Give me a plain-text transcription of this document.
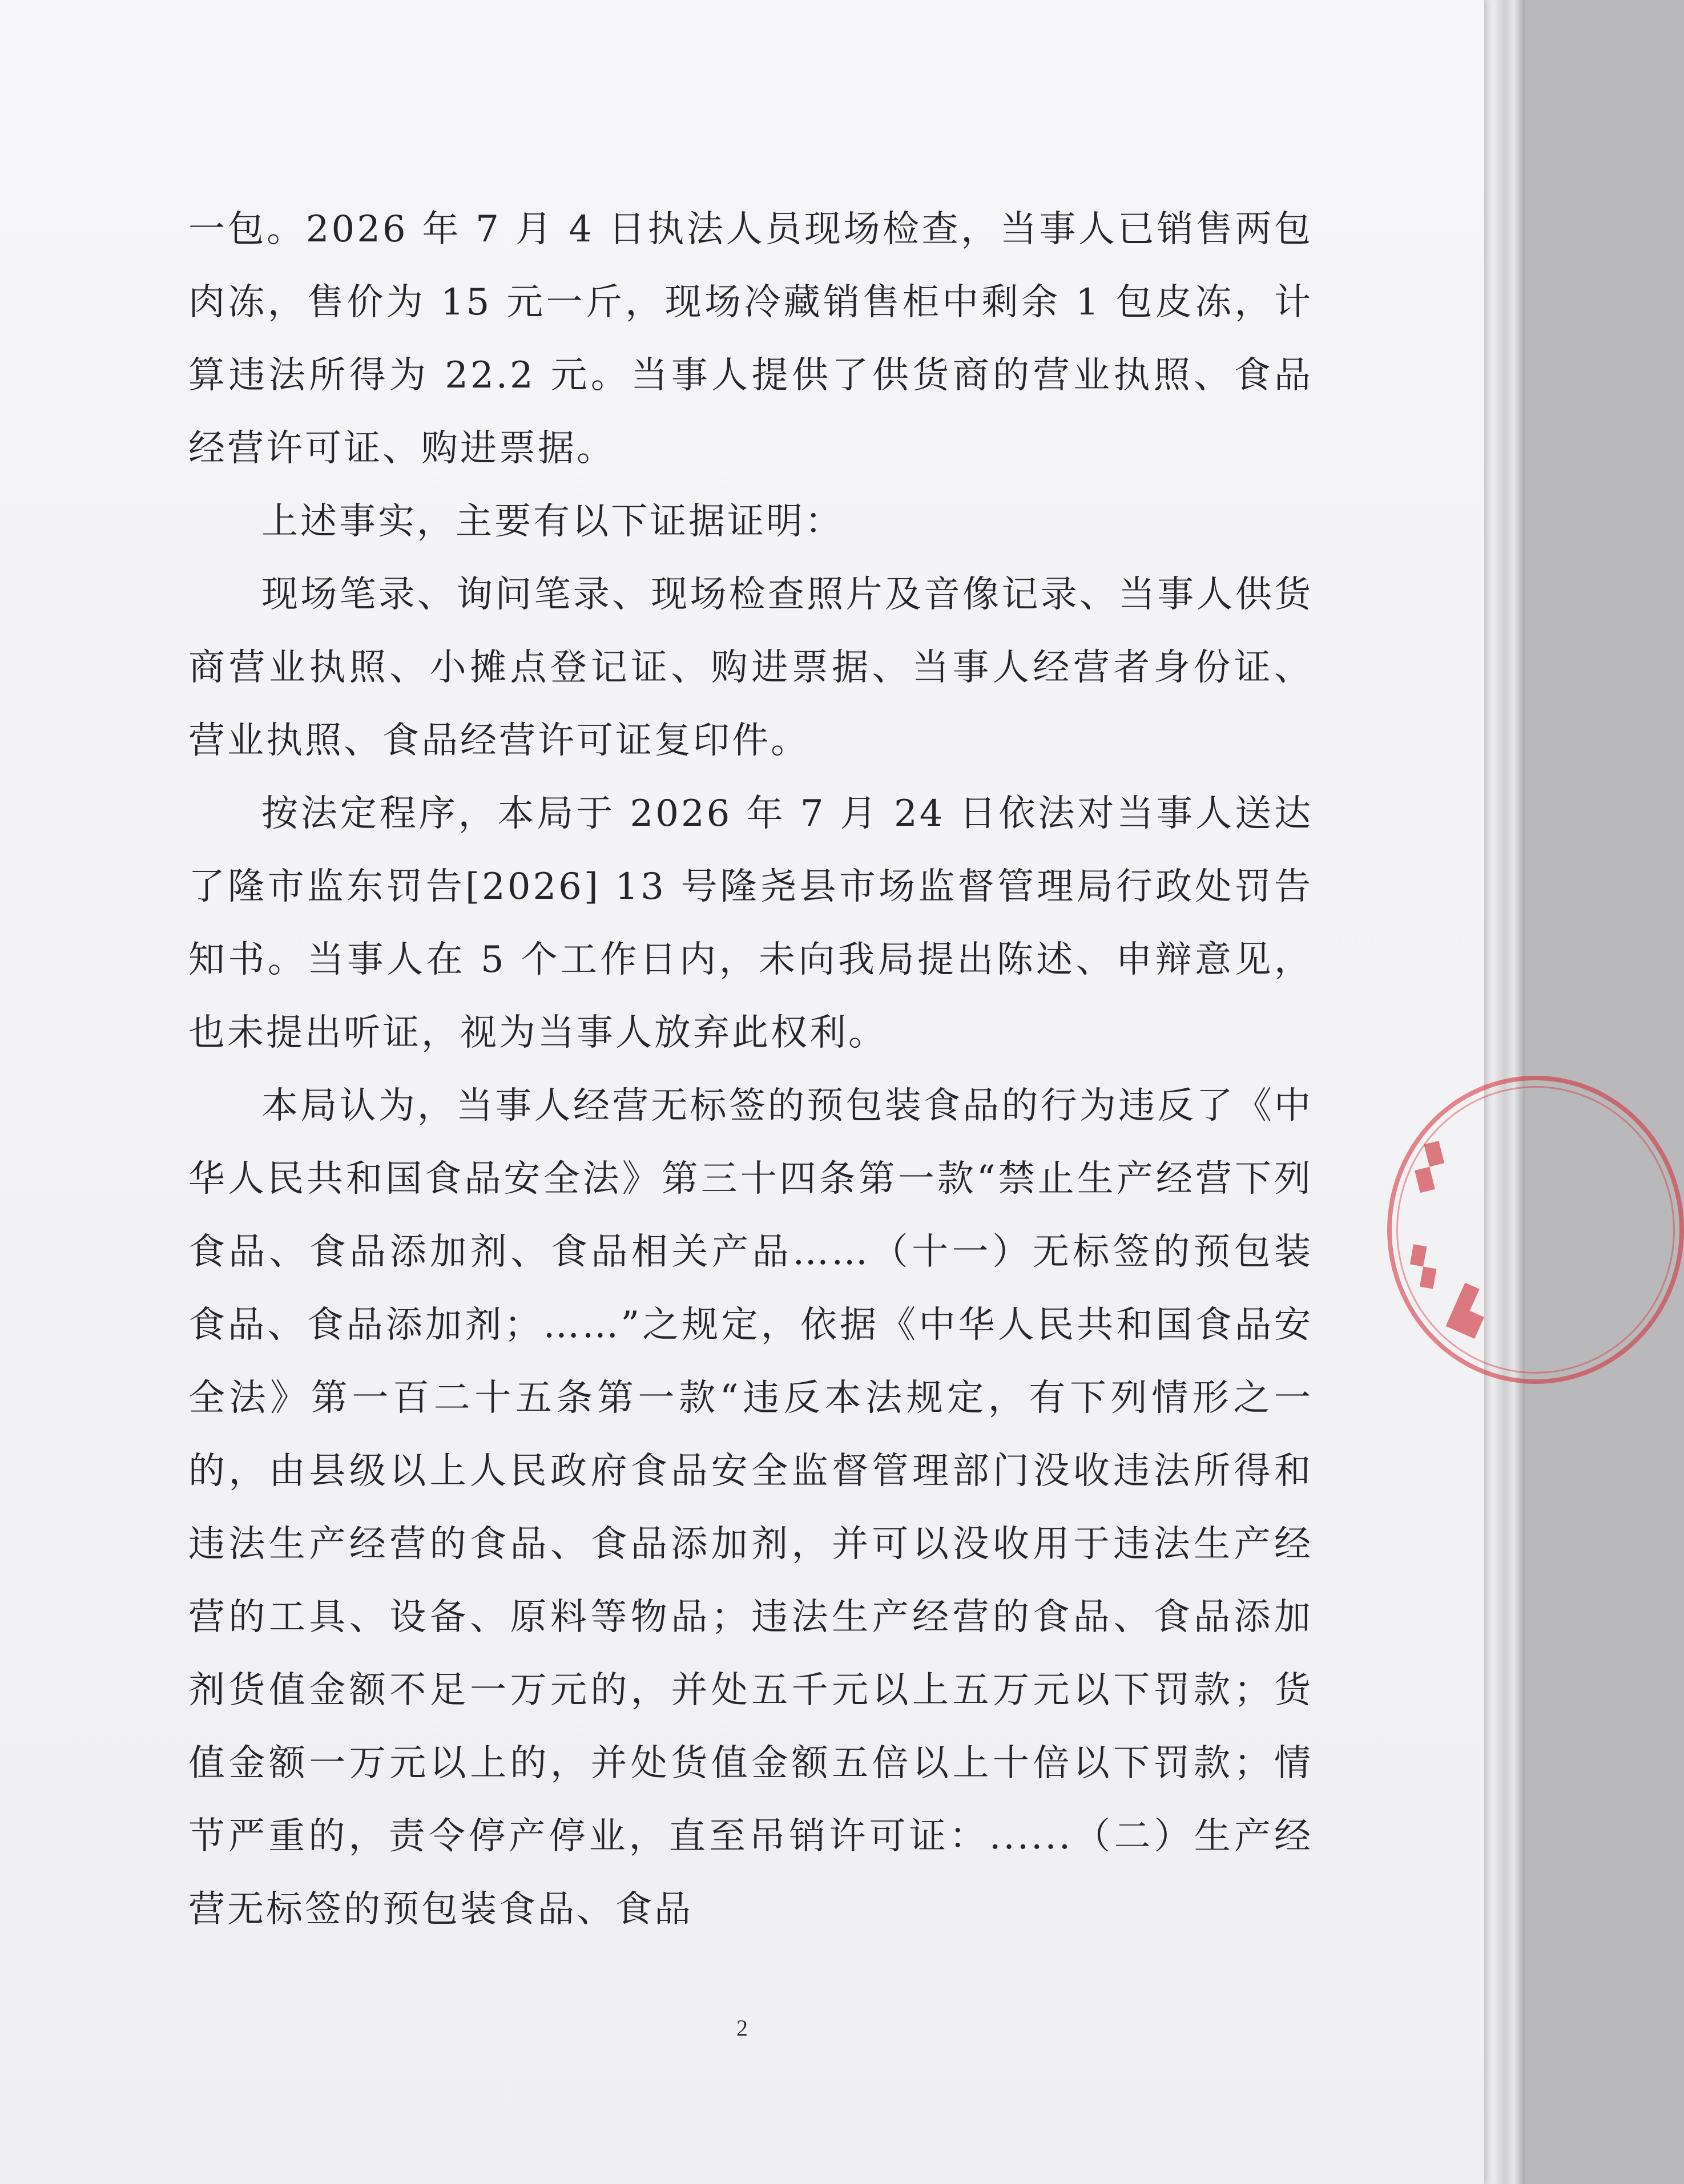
一包。2026 年 7 月 4 日执法人员现场检查，当事人已销售两包肉冻，售价为 15 元一斤，现场冷藏销售柜中剩余 1 包皮冻，计算违法所得为 22.2 元。当事人提供了供货商的营业执照、食品经营许可证、购进票据。

上述事实，主要有以下证据证明：

现场笔录、询问笔录、现场检查照片及音像记录、当事人供货商营业执照、小摊点登记证、购进票据、当事人经营者身份证、营业执照、食品经营许可证复印件。

按法定程序，本局于 2026 年 7 月 24 日依法对当事人送达了隆市监东罚告[2026] 13 号隆尧县市场监督管理局行政处罚告知书。当事人在 5 个工作日内，未向我局提出陈述、申辩意见，也未提出听证，视为当事人放弃此权利。

本局认为，当事人经营无标签的预包装食品的行为违反了《中华人民共和国食品安全法》第三十四条第一款“禁止生产经营下列食品、食品添加剂、食品相关产品……（十一）无标签的预包装食品、食品添加剂；……”之规定，依据《中华人民共和国食品安全法》第一百二十五条第一款“违反本法规定，有下列情形之一的，由县级以上人民政府食品安全监督管理部门没收违法所得和违法生产经营的食品、食品添加剂，并可以没收用于违法生产经营的工具、设备、原料等物品；违法生产经营的食品、食品添加剂货值金额不足一万元的，并处五千元以上五万元以下罚款；货值金额一万元以上的，并处货值金额五倍以上十倍以下罚款；情节严重的，责令停产停业，直至吊销许可证：......（二）生产经营无标签的预包装食品、食品

2
▞
▚
▙
